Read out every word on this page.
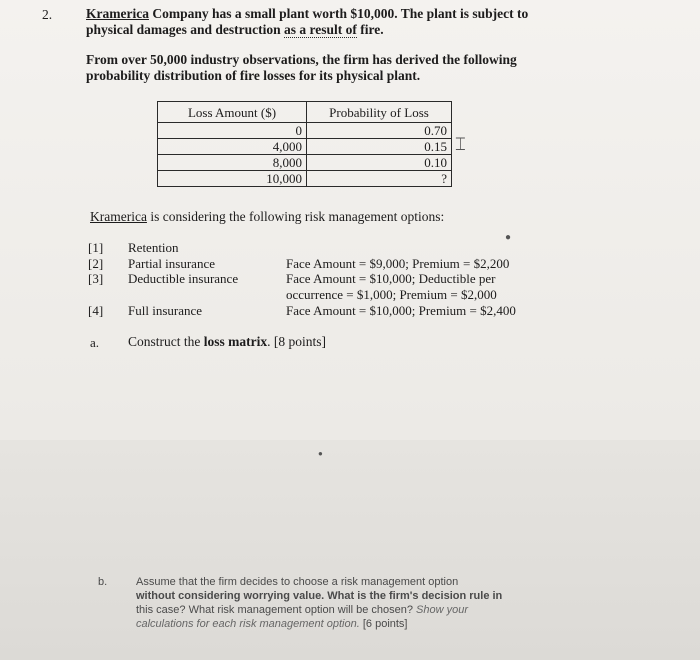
2.	Kramerica Company has a small plant worth $10,000. The plant is subject to
physical damages and destruction as a result of fire.
From over 50,000 industry observations, the firm has derived the following
probability distribution of fire losses for its physical plant.
Loss Amount ($)	Probability of Loss
0	0.70
4,000	0.15
8,000	0.10
10,000	?
⌶
Kramerica is considering the following risk management options:
[1] Retention
[2] Partial insurance	Face Amount = $9,000; Premium = $2,200
[3] Deductible insurance	Face Amount = $10,000; Deductible per
occurrence = $1,000; Premium = $2,000
[4] Full insurance	Face Amount = $10,000; Premium = $2,400
a. Construct the loss matrix. [8 points]
●
●
b.	Assume that the firm decides to choose a risk management option
without considering worrying value. What is the firm's decision rule in
this case? What risk management option will be chosen? Show your
calculations for each risk management option. [6 points]
